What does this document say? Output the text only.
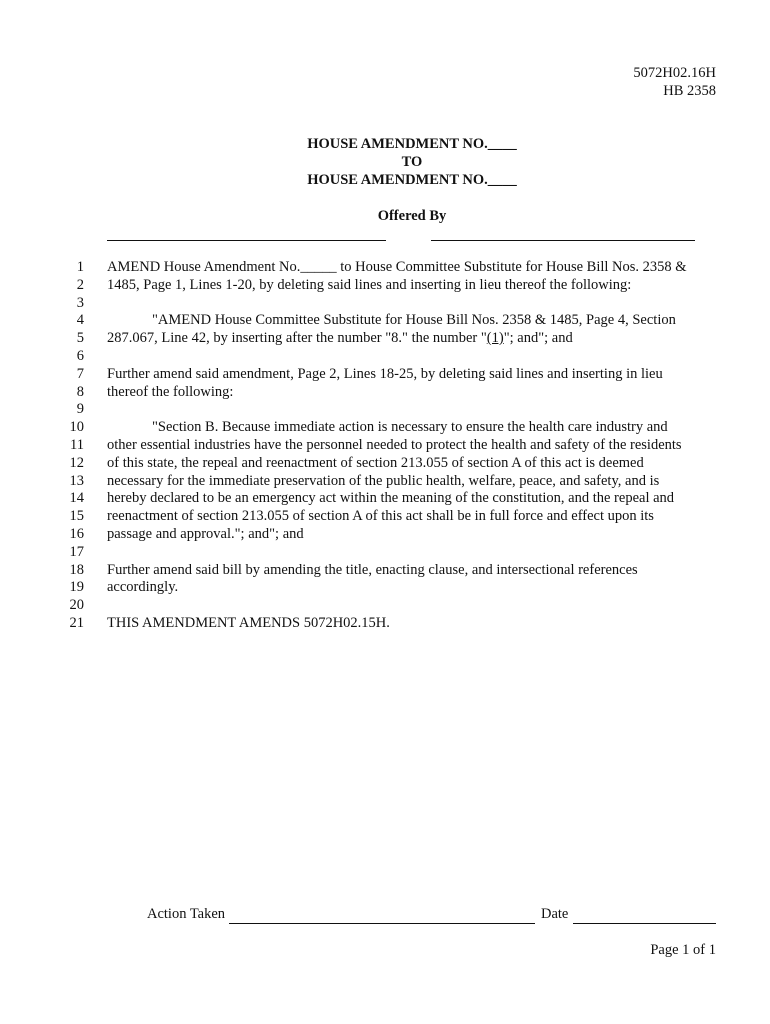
5072H02.16H
HB 2358
HOUSE AMENDMENT NO.____
TO
HOUSE AMENDMENT NO.____
Offered By
1
2
3
4
5
6
7
8
9
10
11
12
13
14
15
16
17
18
19
20
21
AMEND House Amendment No._____ to House Committee Substitute for House Bill Nos. 2358 &
1485, Page 1, Lines 1-20, by deleting said lines and inserting in lieu thereof the following:
"AMEND House Committee Substitute for House Bill Nos. 2358 & 1485, Page 4, Section
287.067, Line 42, by inserting after the number "8." the number "(1)"; and"; and
Further amend said amendment, Page 2, Lines 18-25, by deleting said lines and inserting in lieu
thereof the following:
"Section B. Because immediate action is necessary to ensure the health care industry and
other essential industries have the personnel needed to protect the health and safety of the residents
of this state, the repeal and reenactment of section 213.055 of section A of this act is deemed
necessary for the immediate preservation of the public health, welfare, peace, and safety, and is
hereby declared to be an emergency act within the meaning of the constitution, and the repeal and
reenactment of section 213.055 of section A of this act shall be in full force and effect upon its
passage and approval."; and"; and
Further amend said bill by amending the title, enacting clause, and intersectional references
accordingly.
THIS AMENDMENT AMENDS 5072H02.15H.
Action Taken	Date
Page 1 of 1
